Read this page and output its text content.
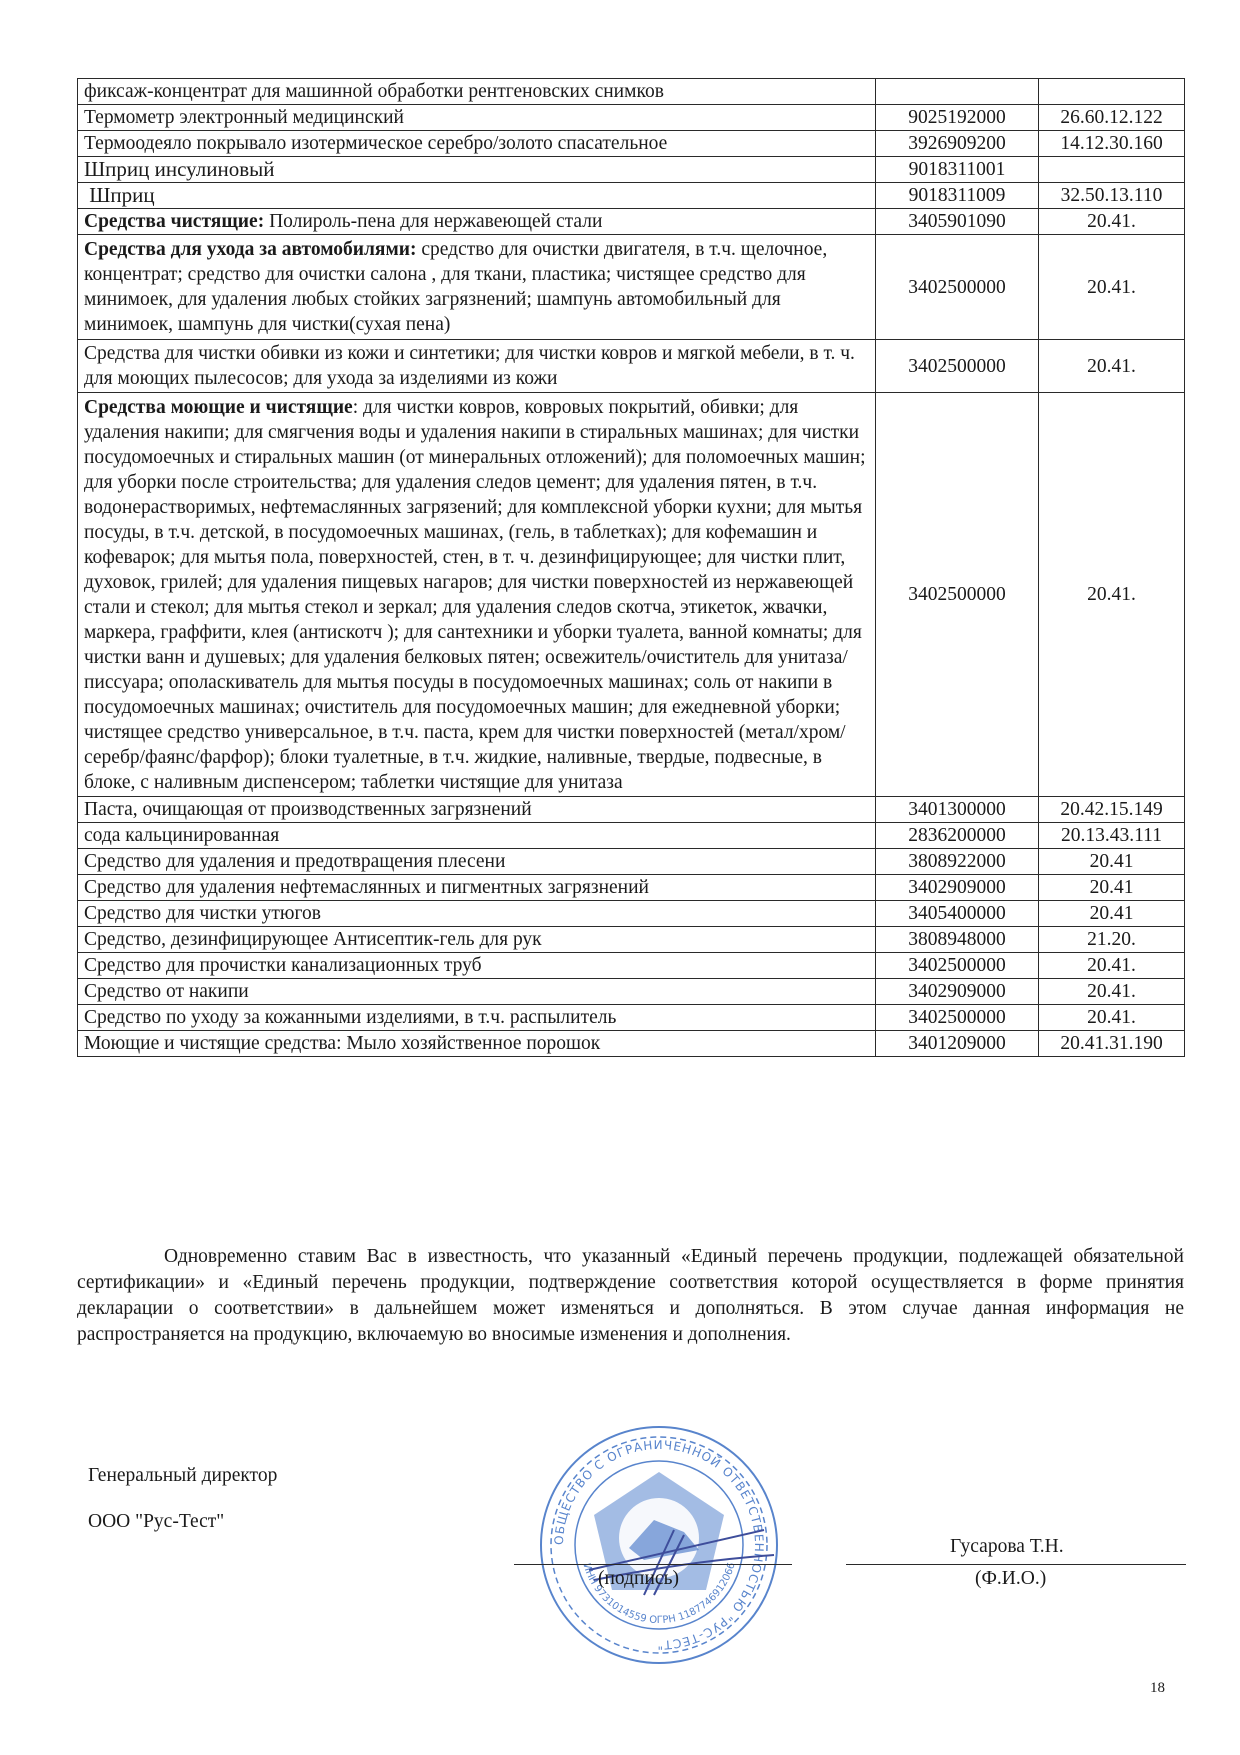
фиксаж-концентрат для машинной обработки рентгеновских снимков		
Термометр электронный медицинский	9025192000	26.60.12.122
Термоодеяло покрывало изотермическое серебро/золото спасательное	3926909200	14.12.30.160
Шприц инсулиновый	9018311001	
Шприц	9018311009	32.50.13.110
Средства чистящие: Полироль-пена для нержавеющей стали	3405901090	20.41.
Средства для ухода за автомобилями: средство для очистки двигателя, в т.ч. щелочное, концентрат; средство для очистки салона , для ткани, пластика; чистящее средство для минимоек, для удаления любых стойких загрязнений; шампунь автомобильный для минимоек, шампунь для чистки(сухая пена)	3402500000	20.41.
Средства для чистки обивки из кожи и синтетики; для чистки ковров и мягкой мебели, в т. ч. для моющих пылесосов; для ухода за изделиями из кожи	3402500000	20.41.
Средства моющие и чистящие: для чистки ковров, ковровых покрытий, обивки; для удаления накипи; для смягчения воды и удаления накипи в стиральных машинах; для чистки посудомоечных и стиральных машин (от минеральных отложений); для поломоечных машин; для уборки после строительства; для удаления следов цемент; для удаления пятен, в т.ч. водонерастворимых, нефтемаслянных загрязений; для комплексной уборки кухни; для мытья посуды, в т.ч. детской, в посудомоечных машинах, (гель, в таблетках); для кофемашин и кофеварок; для мытья пола, поверхностей, стен, в т. ч. дезинфицирующее; для чистки плит, духовок, грилей; для удаления пищевых нагаров; для чистки поверхностей из нержавеющей стали и стекол; для мытья стекол и зеркал; для удаления следов скотча, этикеток, жвачки, маркера, граффити, клея (антискотч ); для сантехники и уборки туалета, ванной комнаты; для чистки ванн и душевых; для удаления белковых пятен; освежитель/очиститель для унитаза/писсуара; ополаскиватель для мытья посуды в посудомоечных машинах; соль от накипи в посудомоечных машинах; очиститель для посудомоечных машин; для ежедневной уборки; чистящее средство универсальное, в т.ч. паста, крем для чистки поверхностей (метал/хром/серебр/фаянс/фарфор); блоки туалетные, в т.ч. жидкие, наливные, твердые, подвесные, в блоке, с наливным диспенсером; таблетки чистящие для унитаза	3402500000	20.41.
Паста, очищающая от производственных загрязнений	3401300000	20.42.15.149
сода кальцинированная	2836200000	20.13.43.111
Средство для удаления и предотвращения плесени	3808922000	20.41
Средство для удаления нефтемаслянных и пигментных загрязнений	3402909000	20.41
Средство для чистки утюгов	3405400000	20.41
Средство, дезинфицирующее Антисептик-гель для рук	3808948000	21.20.
Средство для прочистки канализационных труб	3402500000	20.41.
Средство от накипи	3402909000	20.41.
Средство по уходу за кожанными изделиями, в т.ч. распылитель	3402500000	20.41.
Моющие и чистящие средства: Мыло хозяйственное порошок	3401209000	20.41.31.190

Одновременно ставим Вас в известность, что указанный «Единый перечень продукции, подлежащей обязательной сертификации» и «Единый перечень продукции, подтверждение соответствия которой осуществляется в форме принятия декларации о соответствии» в дальнейшем может изменяться и дополняться. В этом случае данная информация не распространяется на продукцию, включаемую во вносимые изменения и дополнения.

Генеральный директор
ООО "Рус-Тест"
ОБЩЕСТВО С ОГРАНИЧЕННОЙ ОТВЕТСТВЕННОСТЬЮ "РУС-ТЕСТ"
ИНН 9731014559 ОГРН 1187746912066
(подпись)
Гусарова Т.Н.
(Ф.И.О.)
18
